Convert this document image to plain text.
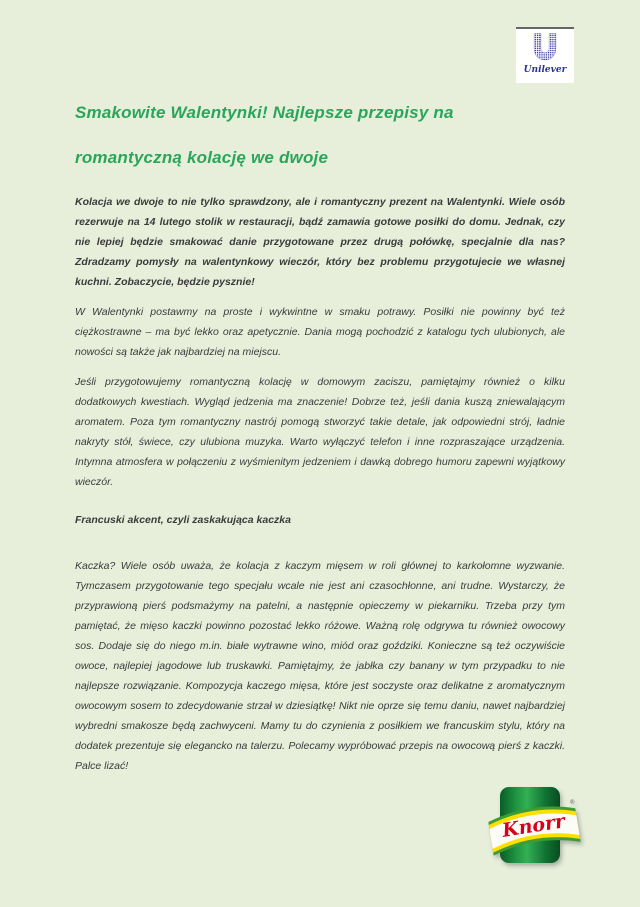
Unilever
Smakowite Walentynki! Najlepsze przepisy na romantyczną kolację we dwoje

Kolacja we dwoje to nie tylko sprawdzony, ale i romantyczny prezent na Walentynki. Wiele osób rezerwuje na 14 lutego stolik w restauracji, bądź zamawia gotowe posiłki do domu. Jednak, czy nie lepiej będzie smakować danie przygotowane przez drugą połówkę, specjalnie dla nas? Zdradzamy pomysły na walentynkowy wieczór, który bez problemu przygotujecie we własnej kuchni. Zobaczycie, będzie pysznie!

W Walentynki postawmy na proste i wykwintne w smaku potrawy. Posiłki nie powinny być też ciężkostrawne – ma być lekko oraz apetycznie. Dania mogą pochodzić z katalogu tych ulubionych, ale nowości są także jak najbardziej na miejscu.

Jeśli przygotowujemy romantyczną kolację w domowym zaciszu, pamiętajmy również o kilku dodatkowych kwestiach. Wygląd jedzenia ma znaczenie! Dobrze też, jeśli dania kuszą zniewalającym aromatem. Poza tym romantyczny nastrój pomogą stworzyć takie detale, jak odpowiedni strój, ładnie nakryty stół, świece, czy ulubiona muzyka. Warto wyłączyć telefon i inne rozpraszające urządzenia. Intymna atmosfera w połączeniu z wyśmienitym jedzeniem i dawką dobrego humoru zapewni wyjątkowy wieczór.

Francuski akcent, czyli zaskakująca kaczka

Kaczka? Wiele osób uważa, że kolacja z kaczym mięsem w roli głównej to karkołomne wyzwanie. Tymczasem przygotowanie tego specjału wcale nie jest ani czasochłonne, ani trudne. Wystarczy, że przyprawioną pierś podsmażymy na patelni, a następnie opieczemy w piekarniku. Trzeba przy tym pamiętać, że mięso kaczki powinno pozostać lekko różowe. Ważną rolę odgrywa tu również owocowy sos. Dodaje się do niego m.in. białe wytrawne wino, miód oraz goździki. Konieczne są też oczywiście owoce, najlepiej jagodowe lub truskawki. Pamiętajmy, że jabłka czy banany w tym przypadku to nie najlepsze rozwiązanie. Kompozycja kaczego mięsa, które jest soczyste oraz delikatne z aromatycznym owocowym sosem to zdecydowanie strzał w dziesiątkę! Nikt nie oprze się temu daniu, nawet najbardziej wybredni smakosze będą zachwyceni. Mamy tu do czynienia z posiłkiem we francuskim stylu, który na dodatek prezentuje się elegancko na talerzu. Polecamy wypróbować przepis na owocową pierś z kaczki. Palce lizać!

Knorr
®
